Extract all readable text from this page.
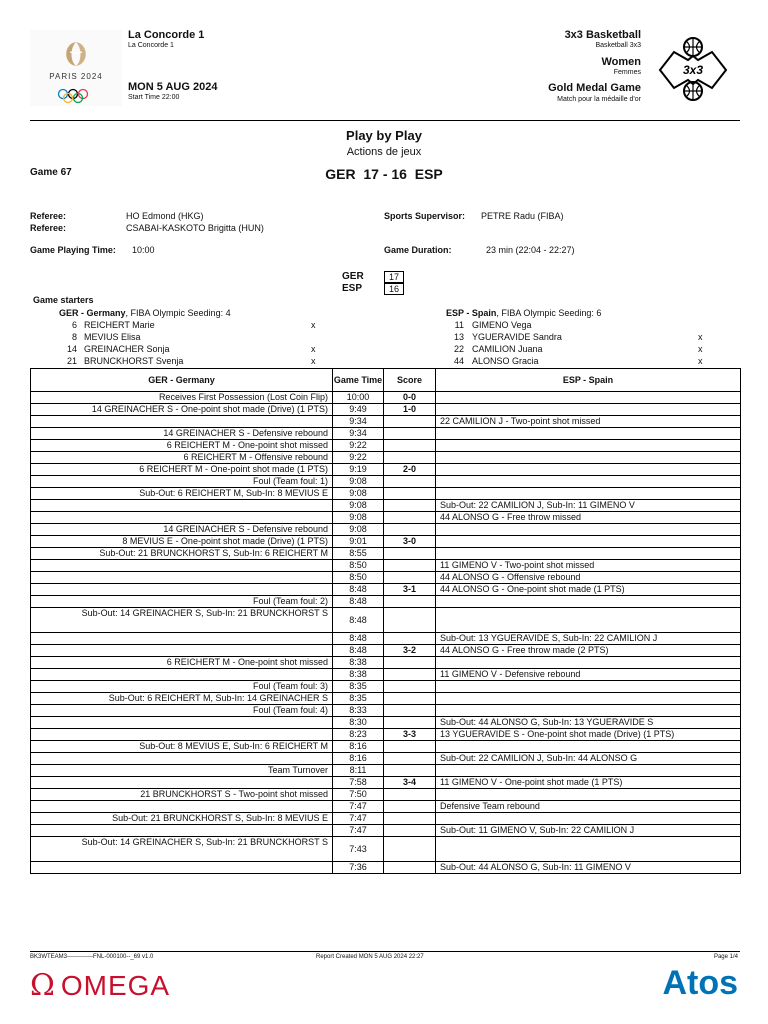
PARIS 2024
La Concorde 1
La Concorde 1
MON 5 AUG 2024
Start Time 22:00
3x3 Basketball
Basketball 3x3
Women
Femmes
Gold Medal Game
Match pour la médaille d'or
3x3
Play by Play
Actions de jeux
Game 67	GER  17 - 16  ESP
Referee:	HO Edmond (HKG)
Referee:	CSABAI-KASKOTO Brigitta (HUN)
Sports Supervisor: PETRE Radu (FIBA)
Game Playing Time: 10:00	Game Duration:	23 min (22:04 - 22:27)
GER	17
ESP	16
Game starters
GER - Germany, FIBA Olympic Seeding: 4	ESP - Spain, FIBA Olympic Seeding: 6
6 REICHERT Marie	x
8 MEVIUS Elisa
14 GREINACHER Sonja	x
21 BRUNCKHORST Svenja	x
11 GIMENO Vega
13 YGUERAVIDE Sandra	x
22 CAMILION Juana	x
44 ALONSO Gracia	x
GER - Germany	Game Time	Score	ESP - Spain
Receives First Possession (Lost Coin Flip)	10:00	0-0	
14 GREINACHER S - One-point shot made (Drive) (1 PTS)	9:49	1-0	
	9:34		22 CAMILION J - Two-point shot missed
14 GREINACHER S - Defensive rebound	9:34		
6 REICHERT M - One-point shot missed	9:22		
6 REICHERT M - Offensive rebound	9:22		
6 REICHERT M - One-point shot made (1 PTS)	9:19	2-0	
Foul (Team foul: 1)	9:08		
Sub-Out: 6 REICHERT M, Sub-In: 8 MEVIUS E	9:08		
	9:08		Sub-Out: 22 CAMILION J, Sub-In: 11 GIMENO V
	9:08		44 ALONSO G - Free throw missed
14 GREINACHER S - Defensive rebound	9:08		
8 MEVIUS E - One-point shot made (Drive) (1 PTS)	9:01	3-0	
Sub-Out: 21 BRUNCKHORST S, Sub-In: 6 REICHERT M	8:55		
	8:50		11 GIMENO V - Two-point shot missed
	8:50		44 ALONSO G - Offensive rebound
	8:48	3-1	44 ALONSO G - One-point shot made (1 PTS)
Foul (Team foul: 2)	8:48		
Sub-Out: 14 GREINACHER S, Sub-In: 21 BRUNCKHORST S	8:48		
	8:48		Sub-Out: 13 YGUERAVIDE S, Sub-In: 22 CAMILION J
	8:48	3-2	44 ALONSO G - Free throw made (2 PTS)
6 REICHERT M - One-point shot missed	8:38		
	8:38		11 GIMENO V - Defensive rebound
Foul (Team foul: 3)	8:35		
Sub-Out: 6 REICHERT M, Sub-In: 14 GREINACHER S	8:35		
Foul (Team foul: 4)	8:33		
	8:30		Sub-Out: 44 ALONSO G, Sub-In: 13 YGUERAVIDE S
	8:23	3-3	13 YGUERAVIDE S - One-point shot made (Drive) (1 PTS)
Sub-Out: 8 MEVIUS E, Sub-In: 6 REICHERT M	8:16		
	8:16		Sub-Out: 22 CAMILION J, Sub-In: 44 ALONSO G
Team Turnover	8:11		
	7:58	3-4	11 GIMENO V - One-point shot made (1 PTS)
21 BRUNCKHORST S - Two-point shot missed	7:50		
	7:47		Defensive Team rebound
Sub-Out: 21 BRUNCKHORST S, Sub-In: 8 MEVIUS E	7:47		
	7:47		Sub-Out: 11 GIMENO V, Sub-In: 22 CAMILION J
Sub-Out: 14 GREINACHER S, Sub-In: 21 BRUNCKHORST S	7:43		
	7:36		Sub-Out: 44 ALONSO G, Sub-In: 11 GIMENO V
BK3WTEAM3-------------FNL-000100--_69 v1.0	Report Created MON 5 AUG 2024 22:27	Page 1/4
Ω OMEGA	Atos
